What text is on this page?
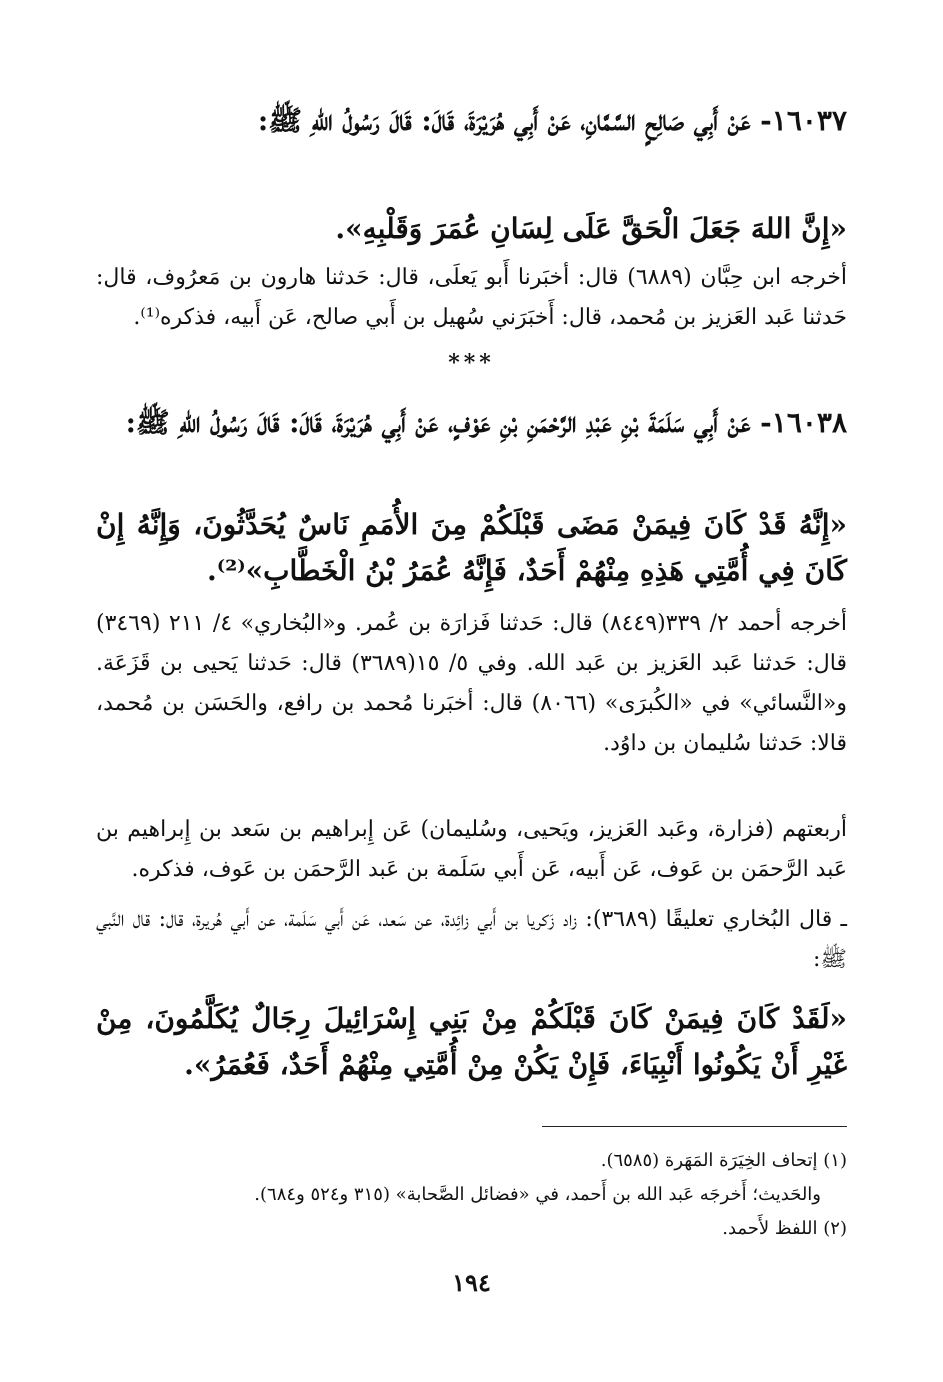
١٦٠٣٧- عَنْ أَبِي صَالِحٍ السَّمَّانِ، عَنْ أَبِي هُرَيْرَةَ، قَالَ: قَالَ رَسُولُ اللهِ ﷺ:

«إِنَّ اللهَ جَعَلَ الْحَقَّ عَلَى لِسَانِ عُمَرَ وَقَلْبِهِ».

أخرجه ابن حِبَّان (٦٨٨٩) قال: أخبَرنا أَبو يَعلَى، قال: حَدثنا هارون بن مَعرُوف، قال: حَدثنا عَبد العَزيز بن مُحمد، قال: أَخبَرَني سُهيل بن أَبي صالح، عَن أَبيه، فذكره⁽¹⁾.

***

١٦٠٣٨- عَنْ أَبِي سَلَمَةَ بْنِ عَبْدِ الرَّحْمَنِ بْنِ عَوْفٍ، عَنْ أَبِي هُرَيْرَةَ، قَالَ: قَالَ رَسُولُ اللهِ ﷺ:

«إِنَّهُ قَدْ كَانَ فِيمَنْ مَضَى قَبْلَكُمْ مِنَ الأُمَمِ نَاسٌ يُحَدَّثُونَ، وَإِنَّهُ إِنْ كَانَ فِي أُمَّتِي هَذِهِ مِنْهُمْ أَحَدٌ، فَإِنَّهُ عُمَرُ بْنُ الْخَطَّابِ»⁽²⁾.

أخرجه أحمد ٢/ ٣٣٩(٨٤٤٩) قال: حَدثنا فَزارَة بن عُمر. و«البُخاري» ٤/ ٢١١ (٣٤٦٩) قال: حَدثنا عَبد العَزيز بن عَبد الله. وفي ٥/ ١٥(٣٦٨٩) قال: حَدثنا يَحيى بن قَزَعَة. و«النَّسائي» في «الكُبرَى» (٨٠٦٦) قال: أخبَرنا مُحمد بن رافع، والحَسَن بن مُحمد، قالا: حَدثنا سُليمان بن داوُد.

أربعتهم (فزارة، وعَبد العَزيز، ويَحيى، وسُليمان) عَن إِبراهيم بن سَعد بن إِبراهيم بن عَبد الرَّحمَن بن عَوف، عَن أَبيه، عَن أَبي سَلَمة بن عَبد الرَّحمَن بن عَوف، فذكره.

ـ قال البُخاري تعليقًا (٣٦٨٩): زاد زَكريا بن أَبي زائِدة، عن سَعد، عَن أَبي سَلَمة، عن أَبي هُريرة، قال: قال النَّبي ﷺ:

«لَقَدْ كَانَ فِيمَنْ كَانَ قَبْلَكُمْ مِنْ بَنِي إِسْرَائِيلَ رِجَالٌ يُكَلَّمُونَ، مِنْ غَيْرِ أَنْ يَكُونُوا أَنْبِيَاءَ، فَإِنْ يَكُنْ مِنْ أُمَّتِي مِنْهُمْ أَحَدٌ، فَعُمَرُ».

(١) إتحاف الخِيَرَة المَهَرة (٦٥٨٥).

والحَديث؛ أَخرجَه عَبد الله بن أَحمد، في «فضائل الصَّحابة» (٣١٥ و٥٢٤ و٦٨٤).

(٢) اللفظ لأَحمد.

١٩٤
